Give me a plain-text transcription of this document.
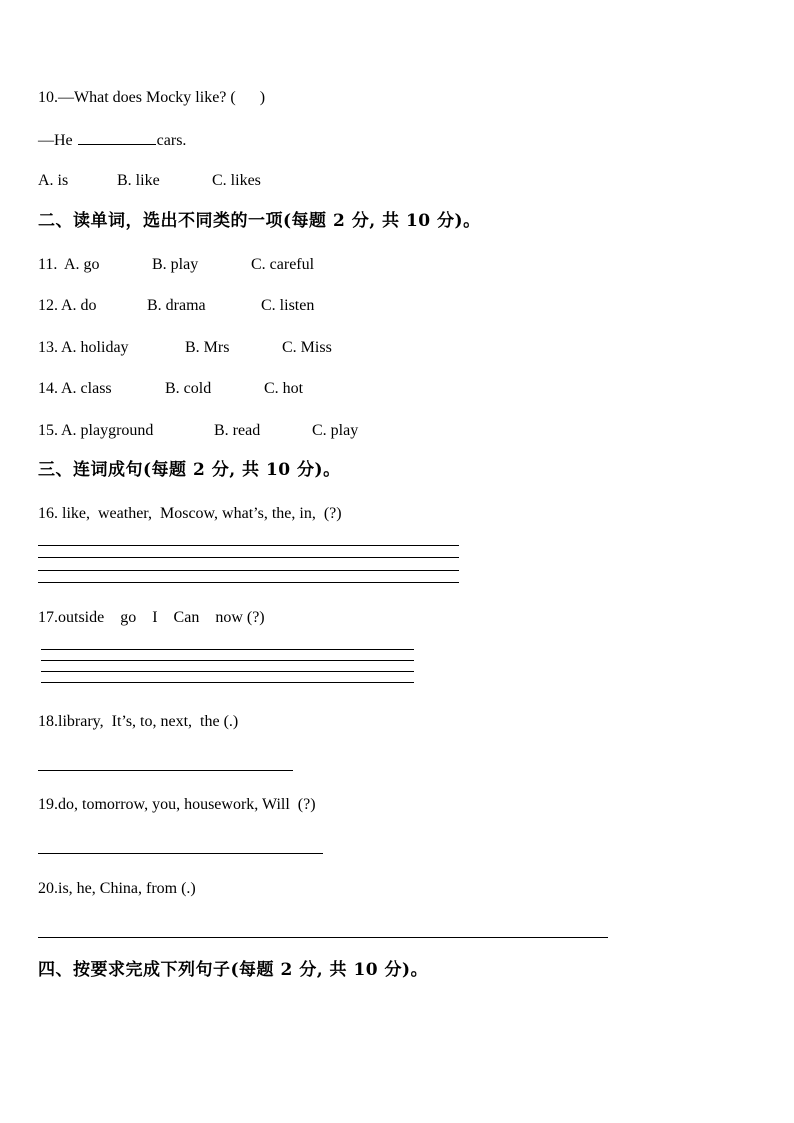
10.—What does Mocky like? (      )
—He	cars.
A. is	B. like	C. likes
二、读单词，选出不同类的一项(每题 2 分, 共 10 分)。
11. A. go	B. play	C. careful
12. A. do	B. drama	C. listen
13. A. holiday	B. Mrs	C. Miss
14. A. class	B. cold	C. hot
15. A. playground	B. read	C. play
三、连词成句(每题 2 分, 共 10 分)。
16. like,  weather,  Moscow, what’s, the, in,  (?)
17.outside    go    I    Can    now (?)
18.library,  It’s, to, next,  the (.)
19.do, tomorrow, you, housework, Will  (?)
20.is, he, China, from (.)
四、按要求完成下列句子(每题 2 分, 共 10 分)。
